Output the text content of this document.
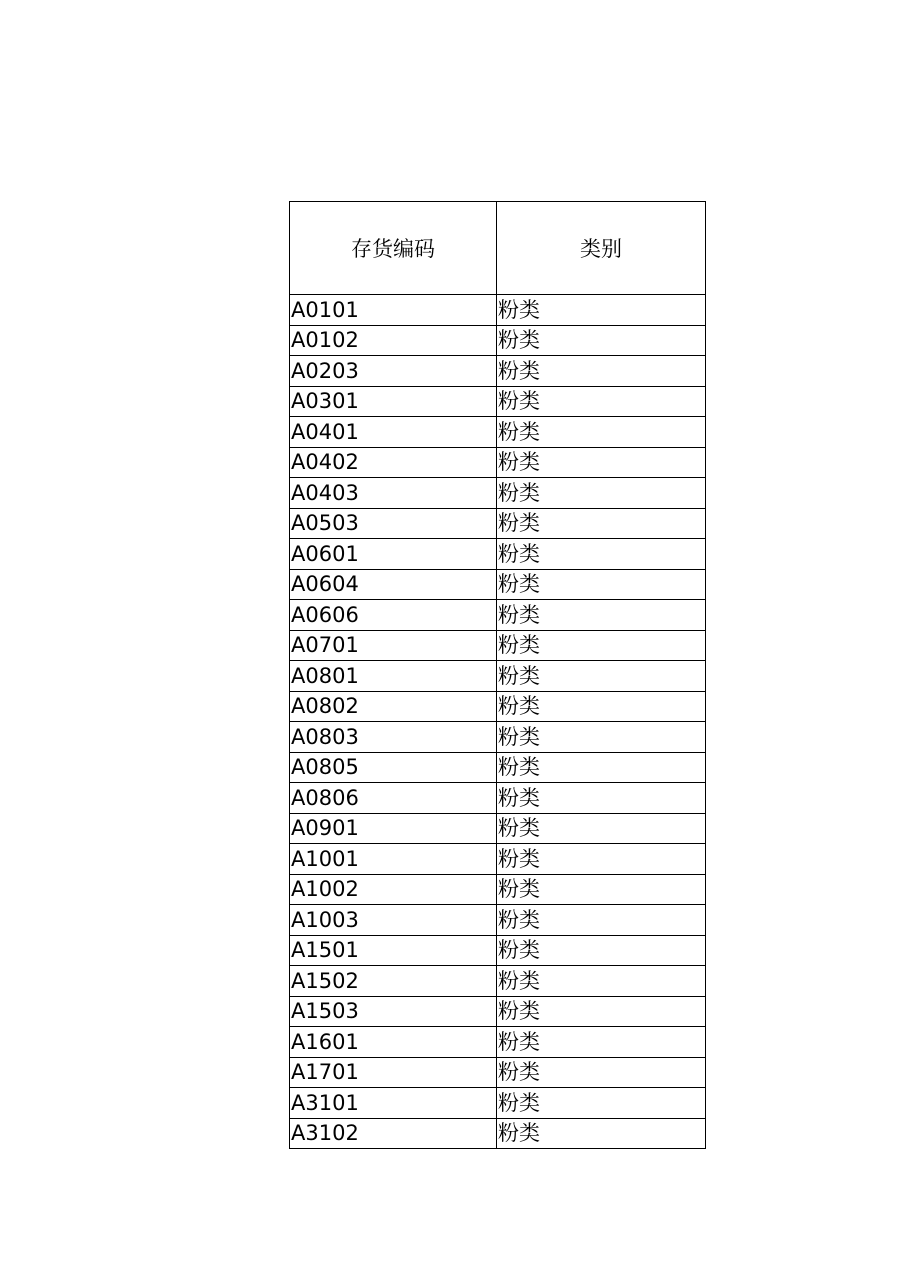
存货编码	类别
A0101	粉类
A0102	粉类
A0203	粉类
A0301	粉类
A0401	粉类
A0402	粉类
A0403	粉类
A0503	粉类
A0601	粉类
A0604	粉类
A0606	粉类
A0701	粉类
A0801	粉类
A0802	粉类
A0803	粉类
A0805	粉类
A0806	粉类
A0901	粉类
A1001	粉类
A1002	粉类
A1003	粉类
A1501	粉类
A1502	粉类
A1503	粉类
A1601	粉类
A1701	粉类
A3101	粉类
A3102	粉类
